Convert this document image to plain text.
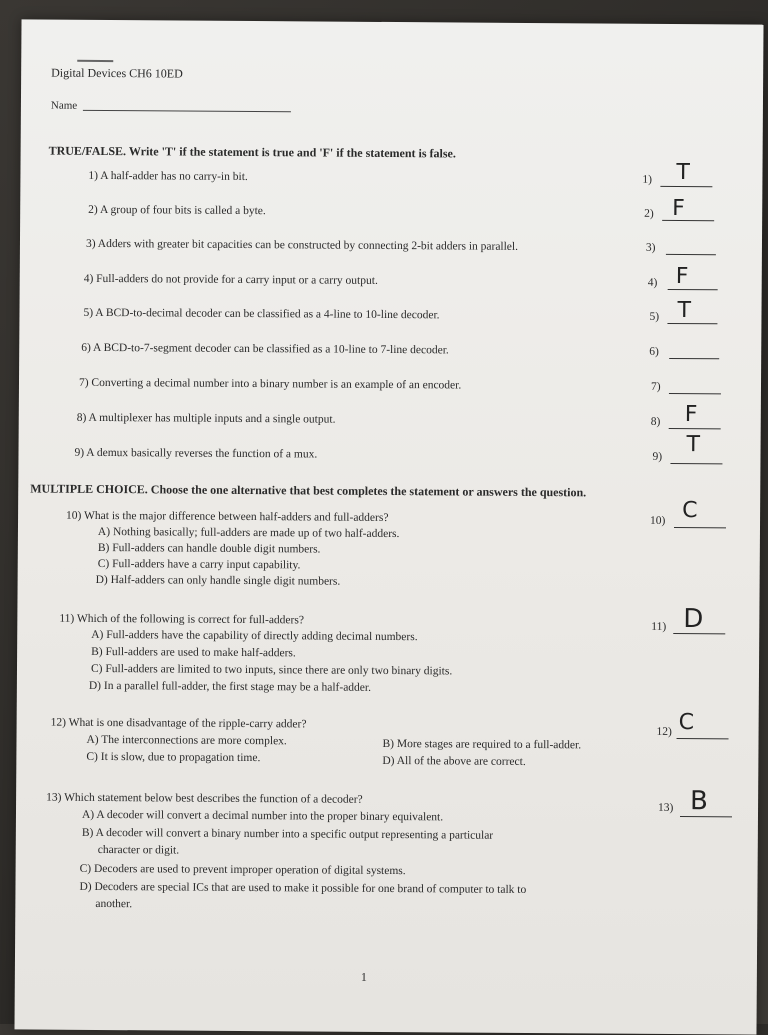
Digital Devices CH6 10ED
Name
TRUE/FALSE. Write 'T' if the statement is true and 'F' if the statement is false.
1) A half-adder has no carry-in bit.	1) T
2) A group of four bits is called a byte.	2) F
3) Adders with greater bit capacities can be constructed by connecting 2-bit adders in parallel.	3)
4) Full-adders do not provide for a carry input or a carry output.	4) F
5) A BCD-to-decimal decoder can be classified as a 4-line to 10-line decoder.	5) T
6) A BCD-to-7-segment decoder can be classified as a 10-line to 7-line decoder.	6)
7) Converting a decimal number into a binary number is an example of an encoder.	7)
8) A multiplexer has multiple inputs and a single output.	8) F
9) A demux basically reverses the function of a mux.	9) T
MULTIPLE CHOICE. Choose the one alternative that best completes the statement or answers the question.
10) What is the major difference between half-adders and full-adders?
A) Nothing basically; full-adders are made up of two half-adders.
B) Full-adders can handle double digit numbers.
C) Full-adders have a carry input capability.
D) Half-adders can only handle single digit numbers.
10) C
11) Which of the following is correct for full-adders?
A) Full-adders have the capability of directly adding decimal numbers.
B) Full-adders are used to make half-adders.
C) Full-adders are limited to two inputs, since there are only two binary digits.
D) In a parallel full-adder, the first stage may be a half-adder.
11) D
12) What is one disadvantage of the ripple-carry adder?
A) The interconnections are more complex.	B) More stages are required to a full-adder.
C) It is slow, due to propagation time.	D) All of the above are correct.
12) C
13) Which statement below best describes the function of a decoder?
A) A decoder will convert a decimal number into the proper binary equivalent.
B) A decoder will convert a binary number into a specific output representing a particular
character or digit.
C) Decoders are used to prevent improper operation of digital systems.
D) Decoders are special ICs that are used to make it possible for one brand of computer to talk to
another.
13) B
1
